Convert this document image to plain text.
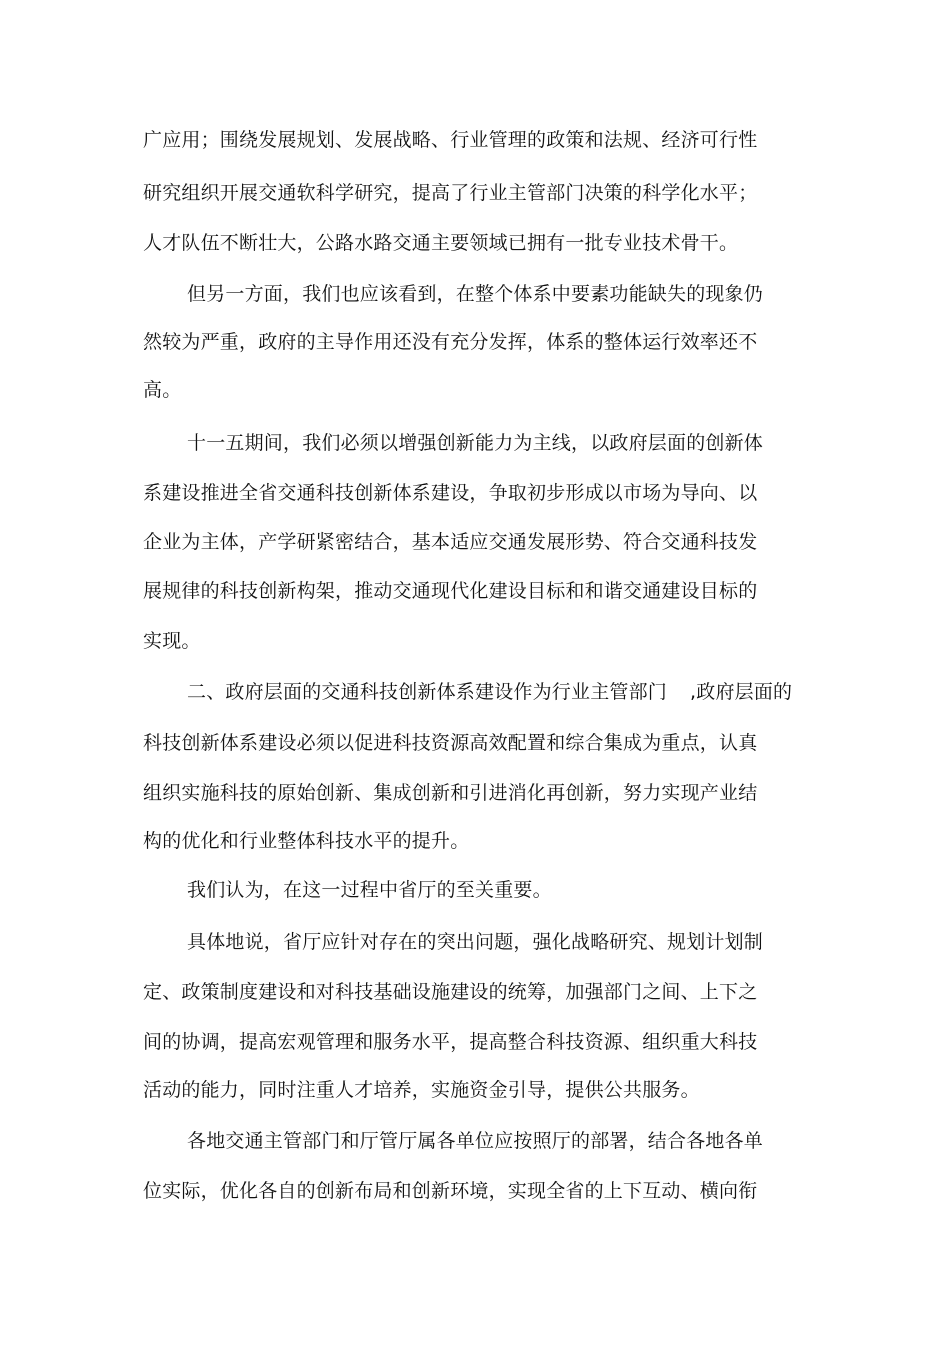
广应用；围绕发展规划、发展战略、行业管理的政策和法规、经济可行性
研究组织开展交通软科学研究，提高了行业主管部门决策的科学化水平；
人才队伍不断壮大，公路水路交通主要领域已拥有一批专业技术骨干。
但另一方面，我们也应该看到，在整个体系中要素功能缺失的现象仍
然较为严重，政府的主导作用还没有充分发挥，体系的整体运行效率还不
高。
十一五期间，我们必须以增强创新能力为主线，以政府层面的创新体
系建设推进全省交通科技创新体系建设，争取初步形成以市场为导向、以
企业为主体，产学研紧密结合，基本适应交通发展形势、符合交通科技发
展规律的科技创新构架，推动交通现代化建设目标和和谐交通建设目标的
实现。
二、政府层面的交通科技创新体系建设作为行业主管部门 ,政府层面的
科技创新体系建设必须以促进科技资源高效配置和综合集成为重点，认真
组织实施科技的原始创新、集成创新和引进消化再创新，努力实现产业结
构的优化和行业整体科技水平的提升。
我们认为，在这一过程中省厅的至关重要。
具体地说，省厅应针对存在的突出问题，强化战略研究、规划计划制
定、政策制度建设和对科技基础设施建设的统筹，加强部门之间、上下之
间的协调，提高宏观管理和服务水平，提高整合科技资源、组织重大科技
活动的能力，同时注重人才培养，实施资金引导，提供公共服务。
各地交通主管部门和厅管厅属各单位应按照厅的部署，结合各地各单
位实际，优化各自的创新布局和创新环境，实现全省的上下互动、横向衔
